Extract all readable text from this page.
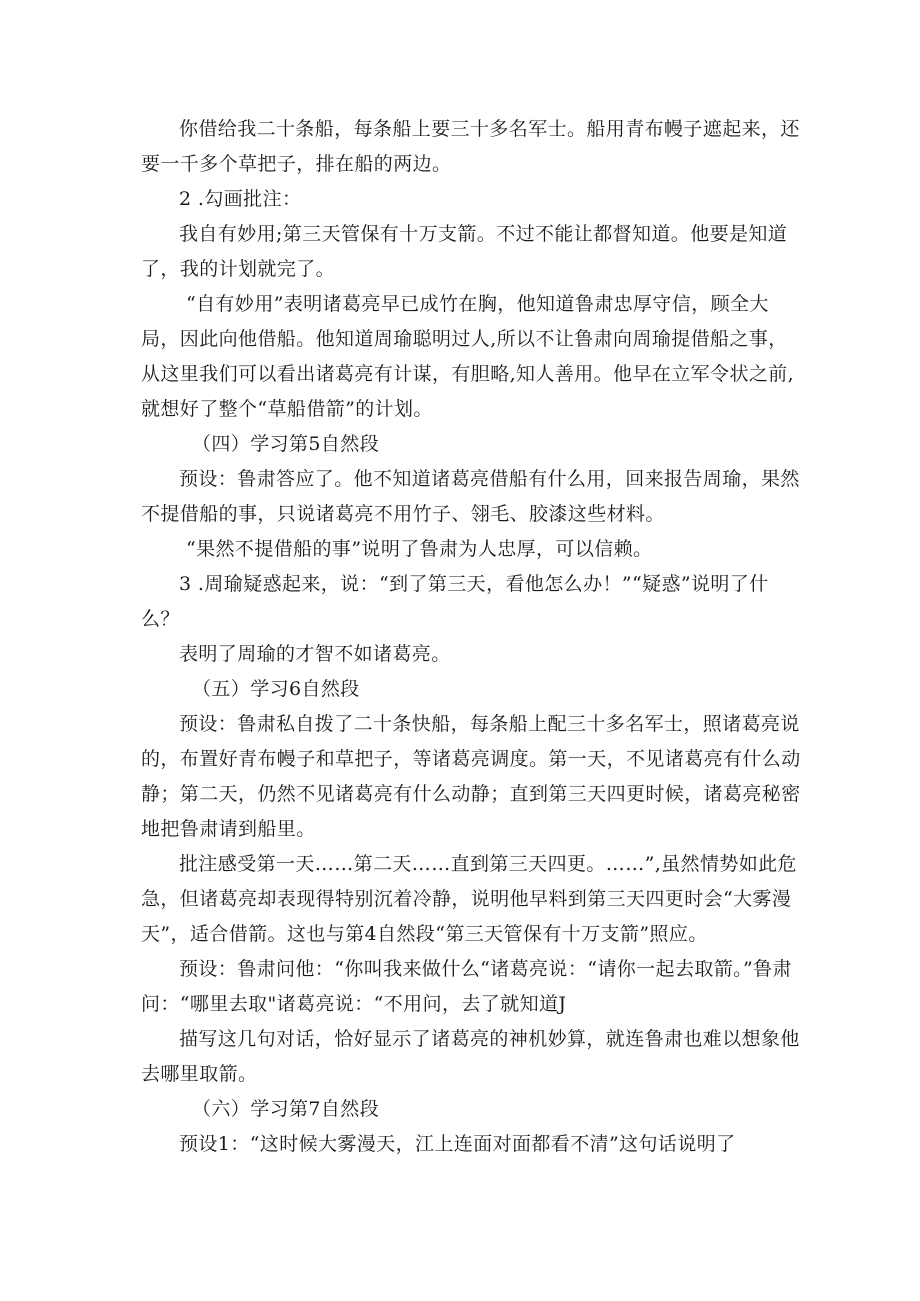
你借给我二十条船，每条船上要三十多名军士。船用青布幔子遮起来，还要一千多个草把子，排在船的两边。

2 .勾画批注：

我自有妙用;第三天管保有十万支箭。不过不能让都督知道。他要是知道了，我的计划就完了。

“自有妙用”表明诸葛亮早已成竹在胸，他知道鲁肃忠厚守信，顾全大局，因此向他借船。他知道周瑜聪明过人,所以不让鲁肃向周瑜提借船之事，从这里我们可以看出诸葛亮有计谋，有胆略,知人善用。他早在立军令状之前,就想好了整个“草船借箭”的计划。

（四）学习第5自然段

预设：鲁肃答应了。他不知道诸葛亮借船有什么用，回来报告周瑜，果然不提借船的事，只说诸葛亮不用竹子、翎毛、胶漆这些材料。

“果然不提借船的事”说明了鲁肃为人忠厚，可以信赖。

3 .周瑜疑惑起来，说：“到了第三天，看他怎么办！”“疑惑”说明了什么？

表明了周瑜的才智不如诸葛亮。

（五）学习6自然段

预设：鲁肃私自拨了二十条快船，每条船上配三十多名军士，照诸葛亮说的，布置好青布幔子和草把子，等诸葛亮调度。第一天，不见诸葛亮有什么动静；第二天，仍然不见诸葛亮有什么动静；直到第三天四更时候，诸葛亮秘密地把鲁肃请到船里。

批注感受第一天……第二天……直到第三天四更。……”,虽然情势如此危急，但诸葛亮却表现得特别沉着冷静，说明他早料到第三天四更时会“大雾漫天”，适合借箭。这也与第4自然段“第三天管保有十万支箭”照应。

预设：鲁肃问他：“你叫我来做什么“诸葛亮说：“请你一起去取箭。”鲁肃问：“哪里去取"诸葛亮说：“不用问，去了就知道J

描写这几句对话，恰好显示了诸葛亮的神机妙算，就连鲁肃也难以想象他去哪里取箭。

（六）学习第7自然段

预设1：“这时候大雾漫天，江上连面对面都看不清”这句话说明了
